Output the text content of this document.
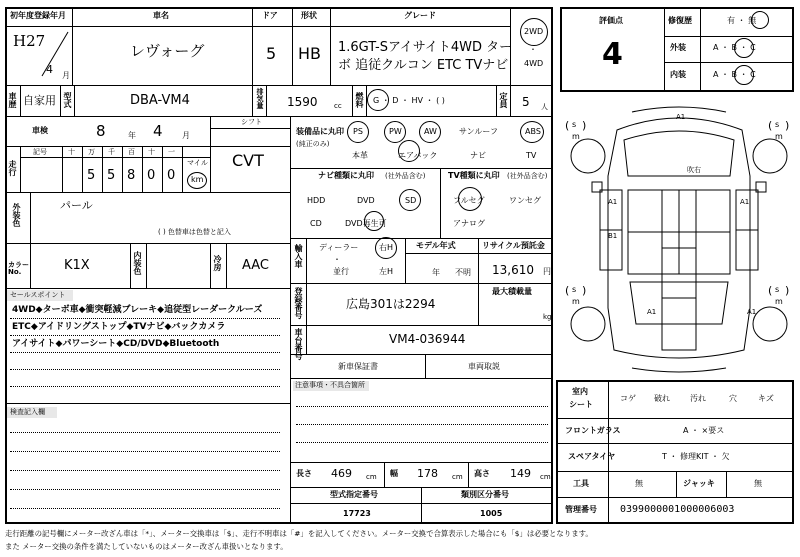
初年度登録年月
H27
4 月
車名
レヴォーグ
ドア
5
形状
HB
グレード
1.6GT-Sアイサイト4WD ター
ボ 追従クルコン ETC TVナビ
2WD
・
4WD
評価点
4
修復歴	有 ・ 無
外装	A ・ B ・ C
内装	A ・ B ・ C
車歴 自家用 型式	DBA-VM4	排気量 1590 cc 燃料 G ・ D ・ HV ・ ( )	定員 5 人
車検	8	年 4 月
シフト
CVT
走行
記号	十 万 千 百 十 一
5 5 8 0 0
マイル
km
外装色	パール
( ) 色替車は色替と記入
カラーNo.	K1X	内装色	冷房 AAC
セールスポイント
4WD◆ターボ車◆衝突軽減ブレーキ◆追従型レーダークルーズ
ETC◆アイドリングストップ◆TVナビ◆バックカメラ
アイサイト◆パワーシート◆CD/DVD◆Bluetooth
検査記入欄
装備品に丸印
(純正のみ)
PS	PW	AW	サンルーフ	ABS
本革	エアバック	ナビ	TV
ナビ種類に丸印 (社外品含む)
HDD	DVD	SD
CD	DVD再生可
TV種類に丸印 (社外品含む)
フルセグ	ワンセグ
アナログ
輸入車 ディーラー
・
並行
右H
左H
モデル年式
年 不明
リサイクル預託金
13,610 円
登録番号	広島301は2294
最大積載量
kg
車台番号	VM4-036944
新車保証書	車両取説
注意事項・不具合箇所
長さ 469 cm 幅 178 cm 高さ 149 cm
型式指定番号
17723
類別区分番号
1005
A1
吹右
A1	A1
B1
A1	A1
s
m
s
m
s
m
s
m
( )	( )
( )	( )
室内
シート
コゲ 破れ	汚れ	穴	キズ
フロントガラス	A ・ ×要ス
スペアタイヤ	T ・ 修理KIT ・ 欠
工具	無	ジャッキ	無
管理番号 0399000001000006003
走行距離の記号欄にメーター改ざん車は「*」、メーター交換車は「$」、走行不明車は「#」を記入してください。メーター交換で合算表示した場合にも「$」は必要となります。
また メーター交換の条件を満たしていないものはメーター改ざん車扱いとなります。
